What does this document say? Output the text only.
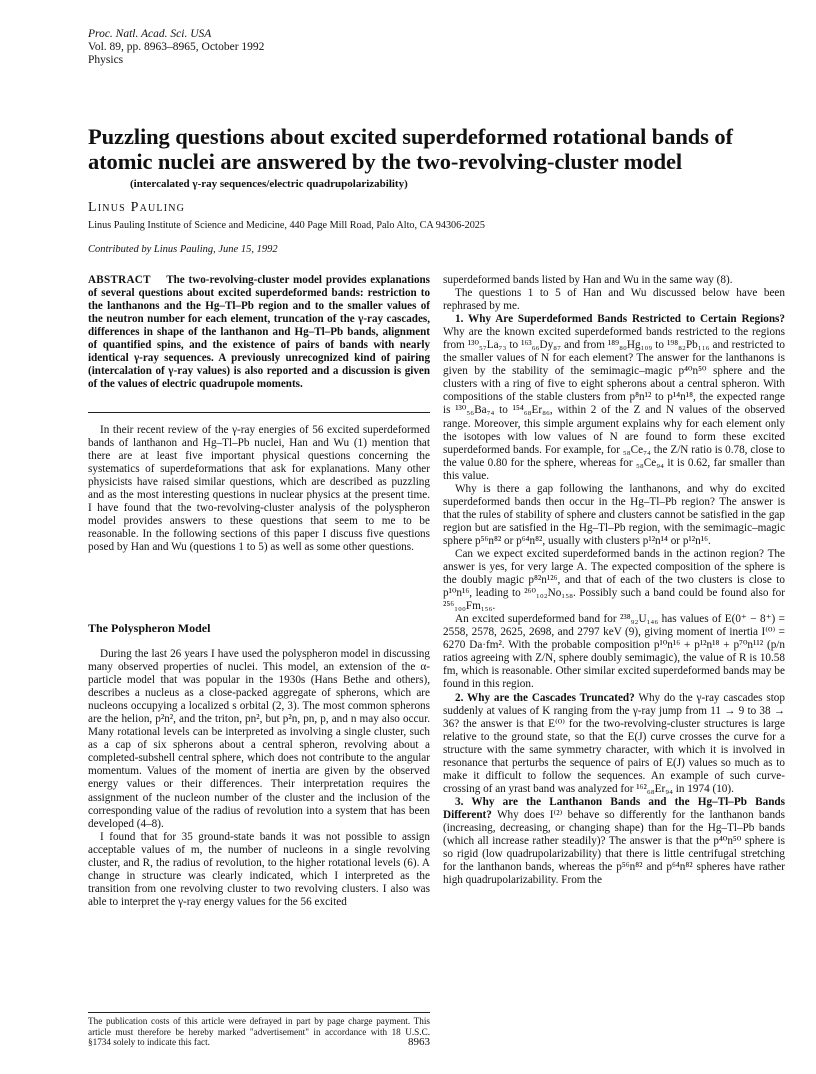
Proc. Natl. Acad. Sci. USA
Vol. 89, pp. 8963–8965, October 1992
Physics
Puzzling questions about excited superdeformed rotational bands of atomic nuclei are answered by the two-revolving-cluster model
(intercalated γ-ray sequences/electric quadrupolarizability)
Linus Pauling
Linus Pauling Institute of Science and Medicine, 440 Page Mill Road, Palo Alto, CA 94306-2025
Contributed by Linus Pauling, June 15, 1992

ABSTRACT The two-revolving-cluster model provides explanations of several questions about excited superdeformed bands: restriction to the lanthanons and the Hg–Tl–Pb region and to the smaller values of the neutron number for each element, truncation of the γ-ray cascades, differences in shape of the lanthanon and Hg–Tl–Pb bands, alignment of quantified spins, and the existence of pairs of bands with nearly identical γ-ray sequences. A previously unrecognized kind of pairing (intercalation of γ-ray values) is also reported and a discussion is given of the values of electric quadrupole moments.

In their recent review of the γ-ray energies of 56 excited superdeformed bands of lanthanon and Hg–Tl–Pb nuclei, Han and Wu (1) mention that there are at least five important physical questions concerning the systematics of superdeformations that ask for explanations. Many other physicists have raised similar questions, which are described as puzzling and as the most interesting questions in nuclear physics at the present time. I have found that the two-revolving-cluster analysis of the polyspheron model provides answers to these questions that seem to me to be reasonable. In the following sections of this paper I discuss five questions posed by Han and Wu (questions 1 to 5) as well as some other questions.

The Polyspheron Model

During the last 26 years I have used the polyspheron model in discussing many observed properties of nuclei. This model, an extension of the α-particle model that was popular in the 1930s (Hans Bethe and others), describes a nucleus as a close-packed aggregate of spherons, which are nucleons occupying a localized s orbital (2, 3). The most common spherons are the helion, p²n², and the triton, pn², but p²n, pn, p, and n may also occur. Many rotational levels can be interpreted as involving a single cluster, such as a cap of six spherons about a central spheron, revolving about a completed-subshell central sphere, which does not contribute to the angular momentum. Values of the moment of inertia are given by the observed energy values or their differences. Their interpretation requires the assignment of the nucleon number of the cluster and the inclusion of the corresponding value of the radius of revolution into a system that has been developed (4–8).

I found that for 35 ground-state bands it was not possible to assign acceptable values of m, the number of nucleons in a single revolving cluster, and R, the radius of revolution, to the higher rotational levels (6). A change in structure was clearly indicated, which I interpreted as the transition from one revolving cluster to two revolving clusters. I also was able to interpret the γ-ray energy values for the 56 excited

The publication costs of this article were defrayed in part by page charge payment. This article must therefore be hereby marked "advertisement" in accordance with 18 U.S.C. §1734 solely to indicate this fact.

superdeformed bands listed by Han and Wu in the same way (8).

The questions 1 to 5 of Han and Wu discussed below have been rephrased by me.

1. Why Are Superdeformed Bands Restricted to Certain Regions? Why are the known excited superdeformed bands restricted to the regions from ¹³⁰₅₇La₇₃ to ¹⁶³₆₆Dy₈₇ and from ¹⁸⁹₈₀Hg₁₀₉ to ¹⁹⁸₈₂Pb₁₁₆ and restricted to the smaller values of N for each element? The answer for the lanthanons is given by the stability of the semimagic–magic p⁴⁰n⁵⁰ sphere and the clusters with a ring of five to eight spherons about a central spheron. With compositions of the stable clusters from p⁸n¹² to p¹⁴n¹⁸, the expected range is ¹³⁰₅₆Ba₇₄ to ¹⁵⁴₆₈Er₈₆, within 2 of the Z and N values of the observed range. Moreover, this simple argument explains why for each element only the isotopes with low values of N are found to form these excited superdeformed bands. For example, for ₅₈Ce₇₄ the Z/N ratio is 0.78, close to the value 0.80 for the sphere, whereas for ₅₈Ce₉₄ it is 0.62, far smaller than this value.

Why is there a gap following the lanthanons, and why do excited superdeformed bands then occur in the Hg–Tl–Pb region? The answer is that the rules of stability of sphere and clusters cannot be satisfied in the gap region but are satisfied in the Hg–Tl–Pb region, with the semimagic–magic sphere p⁵⁶n⁸² or p⁶⁴n⁸², usually with clusters p¹²n¹⁴ or p¹²n¹⁶.

Can we expect excited superdeformed bands in the actinon region? The answer is yes, for very large A. The expected composition of the sphere is the doubly magic p⁸²n¹²⁶, and that of each of the two clusters is close to p¹⁰n¹⁶, leading to ²⁶⁰₁₀₂No₁₅₈. Possibly such a band could be found also for ²⁵⁶₁₀₀Fm₁₅₆.

An excited superdeformed band for ²³⁸₉₂U₁₄₆ has values of E(0⁺ − 8⁺) = 2558, 2578, 2625, 2698, and 2797 keV (9), giving moment of inertia I⁽⁰⁾ = 6270 Da·fm². With the probable composition p¹⁰n¹⁶ + p¹²n¹⁸ + p⁷⁰n¹¹² (p/n ratios agreeing with Z/N, sphere doubly semimagic), the value of R is 10.58 fm, which is reasonable. Other similar excited superdeformed bands may be found in this region.

2. Why are the Cascades Truncated? Why do the γ-ray cascades stop suddenly at values of K ranging from the γ-ray jump from 11 → 9 to 38 → 36? the answer is that E⁽⁰⁾ for the two-revolving-cluster structures is large relative to the ground state, so that the E(J) curve crosses the curve for a structure with the same symmetry character, with which it is involved in resonance that perturbs the sequence of pairs of E(J) values so much as to make it difficult to follow the sequences. An example of such curve-crossing of an yrast band was analyzed for ¹⁶²₆₈Er₉₄ in 1974 (10).

3. Why are the Lanthanon Bands and the Hg–Tl–Pb Bands Different? Why does I⁽²⁾ behave so differently for the lanthanon bands (increasing, decreasing, or changing shape) than for the Hg–Tl–Pb bands (which all increase rather steadily)? The answer is that the p⁴⁰n⁵⁰ sphere is so rigid (low quadrupolarizability) that there is little centrifugal stretching for the lanthanon bands, whereas the p⁵⁶n⁸² and p⁶⁴n⁸² spheres have rather high quadrupolarizability. From the

8963
